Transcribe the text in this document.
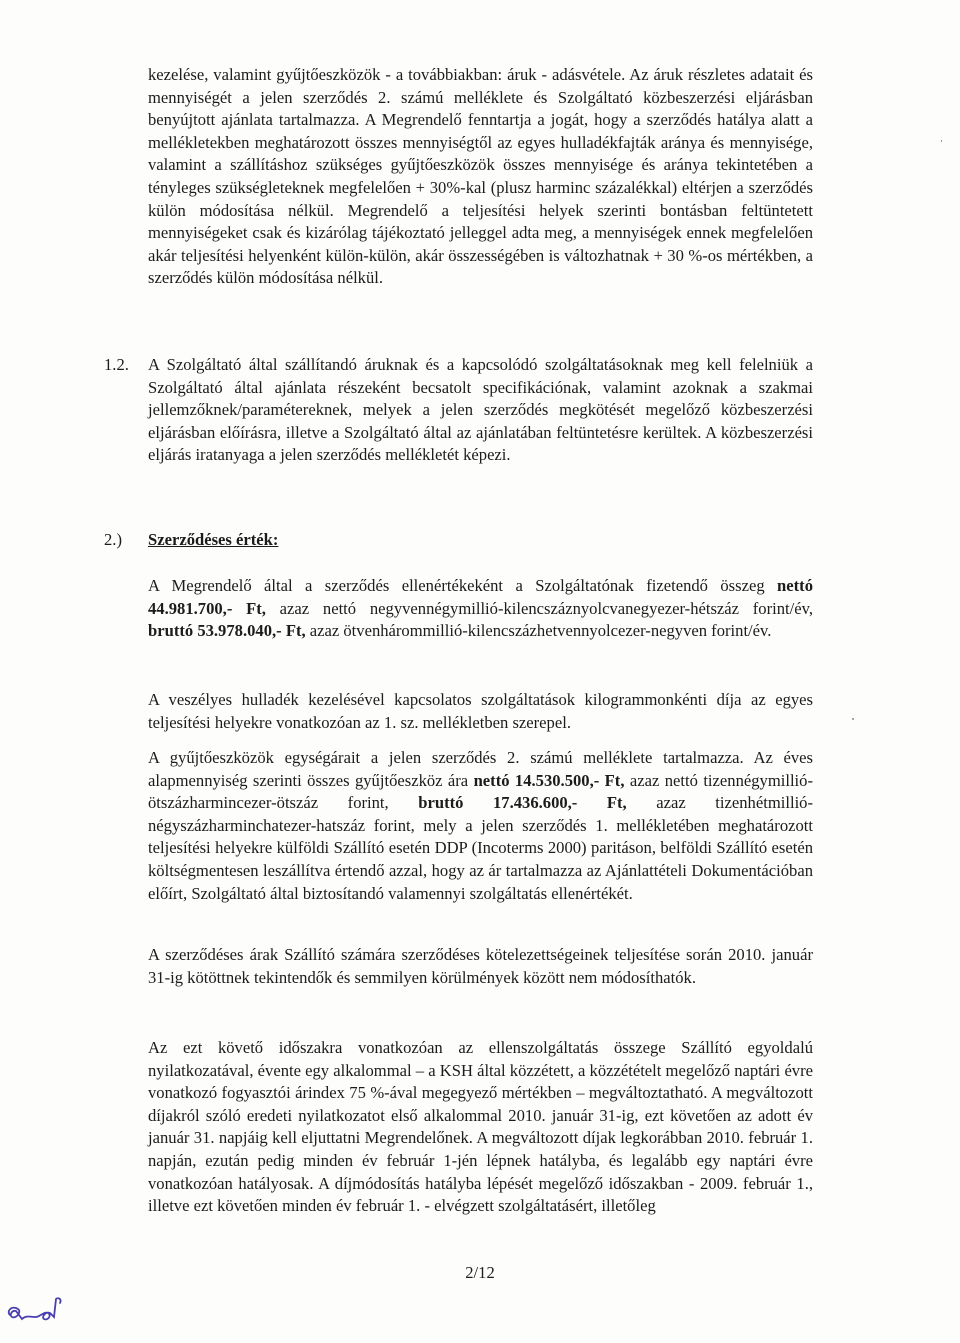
kezelése, valamint gyűjtőeszközök - a továbbiakban: áruk - adásvétele. Az áruk részletes adatait és mennyiségét a jelen szerződés 2. számú melléklete és Szolgáltató közbeszerzési eljárásban benyújtott ajánlata tartalmazza. A Megrendelő fenntartja a jogát, hogy a szerződés hatálya alatt a mellékletekben meghatározott összes mennyiségtől az egyes hulladékfajták aránya és mennyisége, valamint a szállításhoz szükséges gyűjtőeszközök összes mennyisége és aránya tekintetében a tényleges szükségleteknek megfelelően + 30%-kal (plusz harminc százalékkal) eltérjen a szerződés külön módosítása nélkül. Megrendelő a teljesítési helyek szerinti bontásban feltüntetett mennyiségeket csak és kizárólag tájékoztató jelleggel adta meg, a mennyiségek ennek megfelelően akár teljesítési helyenként külön-külön, akár összességében is változhatnak + 30 %-os mértékben, a szerződés külön módosítása nélkül.

1.2. A Szolgáltató által szállítandó áruknak és a kapcsolódó szolgáltatásoknak meg kell felelniük a Szolgáltató által ajánlata részeként becsatolt specifikációnak, valamint azoknak a szakmai jellemzőknek/paramétereknek, melyek a jelen szerződés megkötését megelőző közbeszerzési eljárásban előírásra, illetve a Szolgáltató által az ajánlatában feltüntetésre kerültek. A közbeszerzési eljárás iratanyaga a jelen szerződés mellékletét képezi.

2.) Szerződéses érték:

A Megrendelő által a szerződés ellenértékeként a Szolgáltatónak fizetendő összeg nettó 44.981.700,- Ft, azaz nettó negyvennégymillió-kilencszáznyolcvanegyezer-hétszáz forint/év, bruttó 53.978.040,- Ft, azaz ötvenhárommillió-kilencszázhetvennyolcezer-negyven forint/év.

A veszélyes hulladék kezelésével kapcsolatos szolgáltatások kilogrammonkénti díja az egyes teljesítési helyekre vonatkozóan az 1. sz. mellékletben szerepel.

A gyűjtőeszközök egységárait a jelen szerződés 2. számú melléklete tartalmazza. Az éves alapmennyiség szerinti összes gyűjtőeszköz ára nettó 14.530.500,- Ft, azaz nettó tizennégymillió-ötszázharmincezer-ötszáz forint, bruttó 17.436.600,- Ft, azaz tizenhétmillió-négyszázharminchatezer-hatszáz forint, mely a jelen szerződés 1. mellékletében meghatározott teljesítési helyekre külföldi Szállító esetén DDP (Incoterms 2000) paritáson, belföldi Szállító esetén költségmentesen leszállítva értendő azzal, hogy az ár tartalmazza az Ajánlattételi Dokumentációban előírt, Szolgáltató által biztosítandó valamennyi szolgáltatás ellenértékét.

A szerződéses árak Szállító számára szerződéses kötelezettségeinek teljesítése során 2010. január 31-ig kötöttnek tekintendők és semmilyen körülmények között nem módosíthatók.

Az ezt követő időszakra vonatkozóan az ellenszolgáltatás összege Szállító egyoldalú nyilatkozatával, évente egy alkalommal – a KSH által közzétett, a közzétételt megelőző naptári évre vonatkozó fogyasztói árindex 75 %-ával megegyező mértékben – megváltoztatható. A megváltozott díjakról szóló eredeti nyilatkozatot első alkalommal 2010. január 31-ig, ezt követően az adott év január 31. napjáig kell eljuttatni Megrendelőnek. A megváltozott díjak legkorábban 2010. február 1. napján, ezután pedig minden év február 1-jén lépnek hatályba, és legalább egy naptári évre vonatkozóan hatályosak. A díjmódosítás hatályba lépését megelőző időszakban - 2009. február 1., illetve ezt követően minden év február 1. - elvégzett szolgáltatásért, illetőleg

2/12
